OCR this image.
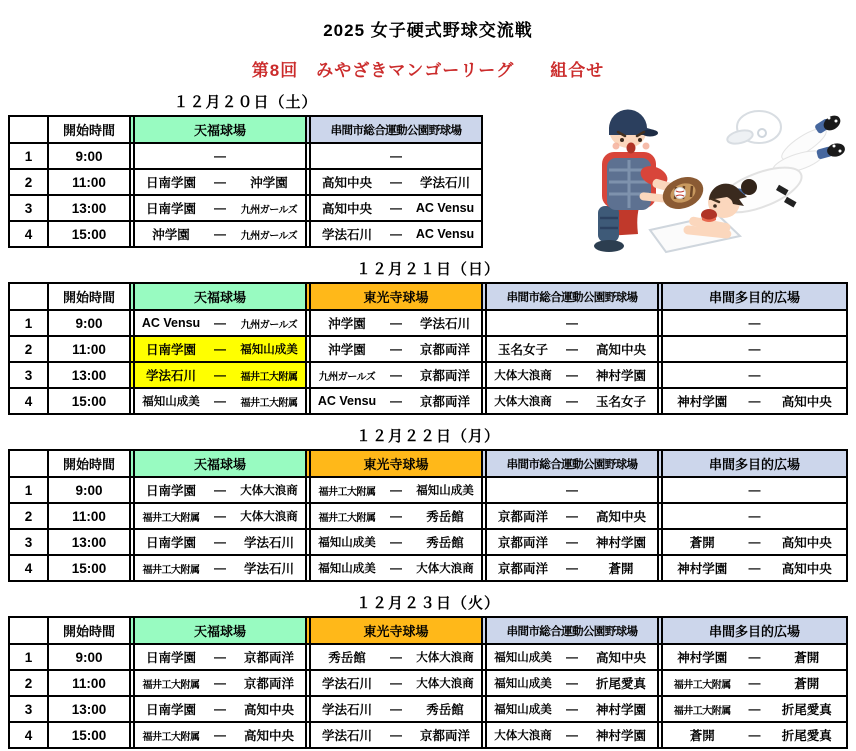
2025 女子硬式野球交流戦
第8回　みやざきマンゴーリーグ　　組合せ
１２月２０日（土）
開始時間	天福球場	串間市総合運動公園野球場
1	9:00	―	―
2	11:00	日南学園	―	沖学園	高知中央	―	学法石川
3	13:00	日南学園	―	九州ガールズ	高知中央	―	AC Vensu
4	15:00	沖学園	―	九州ガールズ	学法石川	―	AC Vensu
１２月２１日（日）
開始時間	天福球場	東光寺球場	串間市総合運動公園野球場	串間多目的広場
1	9:00	AC Vensu	―	九州ガールズ	沖学園	―	学法石川	―	―
2	11:00	日南学園	―	福知山成美	沖学園	―	京都両洋	玉名女子	―	高知中央	―
3	13:00	学法石川	―	福井工大附属	九州ガールズ	―	京都両洋	大体大浪商	―	神村学園	―
4	15:00	福知山成美	―	福井工大附属	AC Vensu	―	京都両洋	大体大浪商	―	玉名女子	神村学園	―	高知中央
１２月２２日（月）
開始時間	天福球場	東光寺球場	串間市総合運動公園野球場	串間多目的広場
1	9:00	日南学園	―	大体大浪商	福井工大附属	―	福知山成美	―	―
2	11:00	福井工大附属	―	大体大浪商	福井工大附属	―	秀岳館	京都両洋	―	高知中央	―
3	13:00	日南学園	―	学法石川	福知山成美	―	秀岳館	京都両洋	―	神村学園	蒼開	―	高知中央
4	15:00	福井工大附属	―	学法石川	福知山成美	―	大体大浪商	京都両洋	―	蒼開	神村学園	―	高知中央
１２月２３日（火）
開始時間	天福球場	東光寺球場	串間市総合運動公園野球場	串間多目的広場
1	9:00	日南学園	―	京都両洋	秀岳館	―	大体大浪商	福知山成美	―	高知中央	神村学園	―	蒼開
2	11:00	福井工大附属	―	京都両洋	学法石川	―	大体大浪商	福知山成美	―	折尾愛真	福井工大附属	―	蒼開
3	13:00	日南学園	―	高知中央	学法石川	―	秀岳館	福知山成美	―	神村学園	福井工大附属	―	折尾愛真
4	15:00	福井工大附属	―	高知中央	学法石川	―	京都両洋	大体大浪商	―	神村学園	蒼開	―	折尾愛真
